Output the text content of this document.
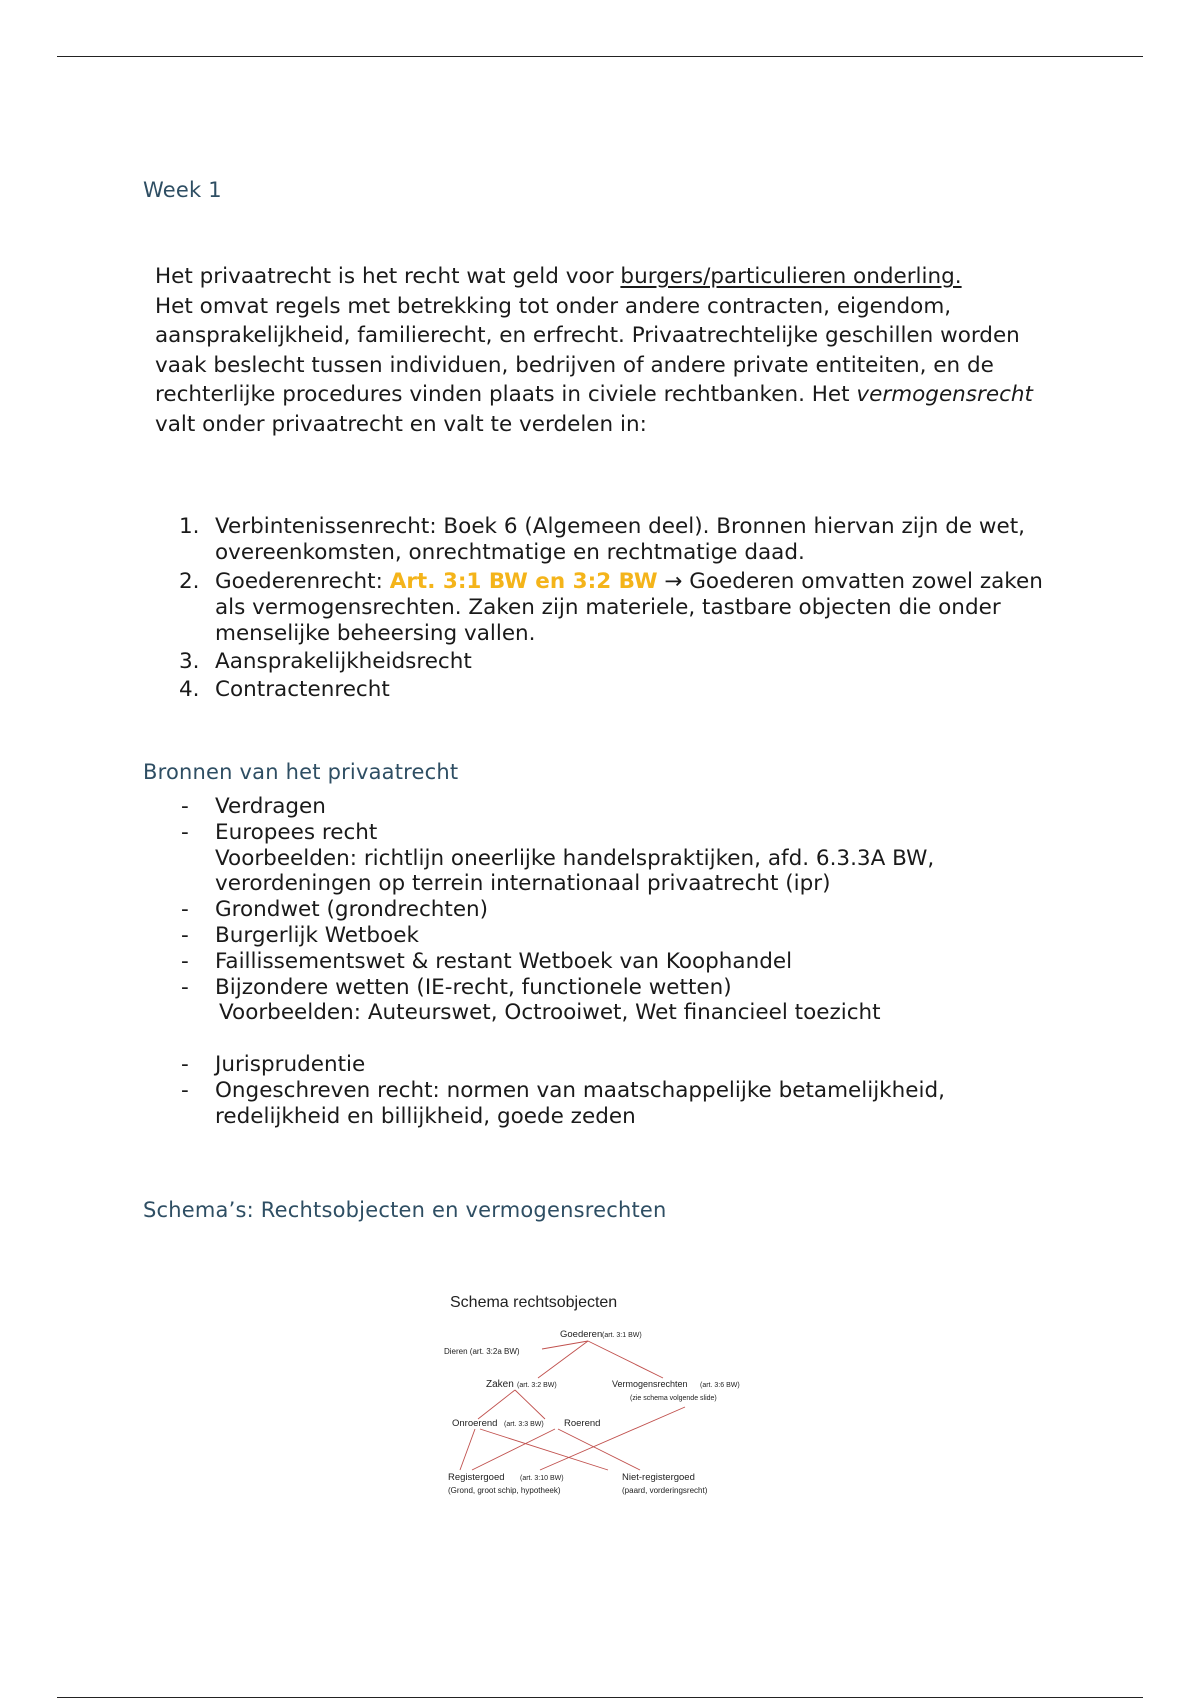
Week 1

Het privaatrecht is het recht wat geld voor burgers/particulieren onderling.
Het omvat regels met betrekking tot onder andere contracten, eigendom, aansprakelijkheid, familierecht, en erfrecht. Privaatrechtelijke geschillen worden vaak beslecht tussen individuen, bedrijven of andere private entiteiten, en de rechterlijke procedures vinden plaats in civiele rechtbanken. Het vermogensrecht valt onder privaatrecht en valt te verdelen in:

1. Verbintenissenrecht: Boek 6 (Algemeen deel). Bronnen hiervan zijn de wet, overeenkomsten, onrechtmatige en rechtmatige daad.
2. Goederenrecht: Art. 3:1 BW en 3:2 BW → Goederen omvatten zowel zaken als vermogensrechten. Zaken zijn materiele, tastbare objecten die onder menselijke beheersing vallen.
3. Aansprakelijkheidsrecht
4. Contractenrecht
Bronnen van het privaatrecht
- Verdragen
- Europees recht
Voorbeelden: richtlijn oneerlijke handelspraktijken, afd. 6.3.3A BW, verordeningen op terrein internationaal privaatrecht (ipr)
- Grondwet (grondrechten)
- Burgerlijk Wetboek
- Faillissementswet & restant Wetboek van Koophandel
- Bijzondere wetten (IE-recht, functionele wetten)
Voorbeelden: Auteurswet, Octrooiwet, Wet financieel toezicht
- Jurisprudentie
- Ongeschreven recht: normen van maatschappelijke betamelijkheid, redelijkheid en billijkheid, goede zeden
Schema’s: Rechtsobjecten en vermogensrechten
Schema rechtsobjecten
Goederen (art. 3:1 BW)
Dieren (art. 3:2a BW)
Zaken (art. 3:2 BW)	Vermogensrechten (art. 3:6 BW)
(zie schema volgende slide)
Onroerend (art. 3:3 BW) Roerend
Registergoed (art. 3:10 BW)
(Grond, groot schip, hypotheek)
Niet-registergoed
(paard, vorderingsrecht)
